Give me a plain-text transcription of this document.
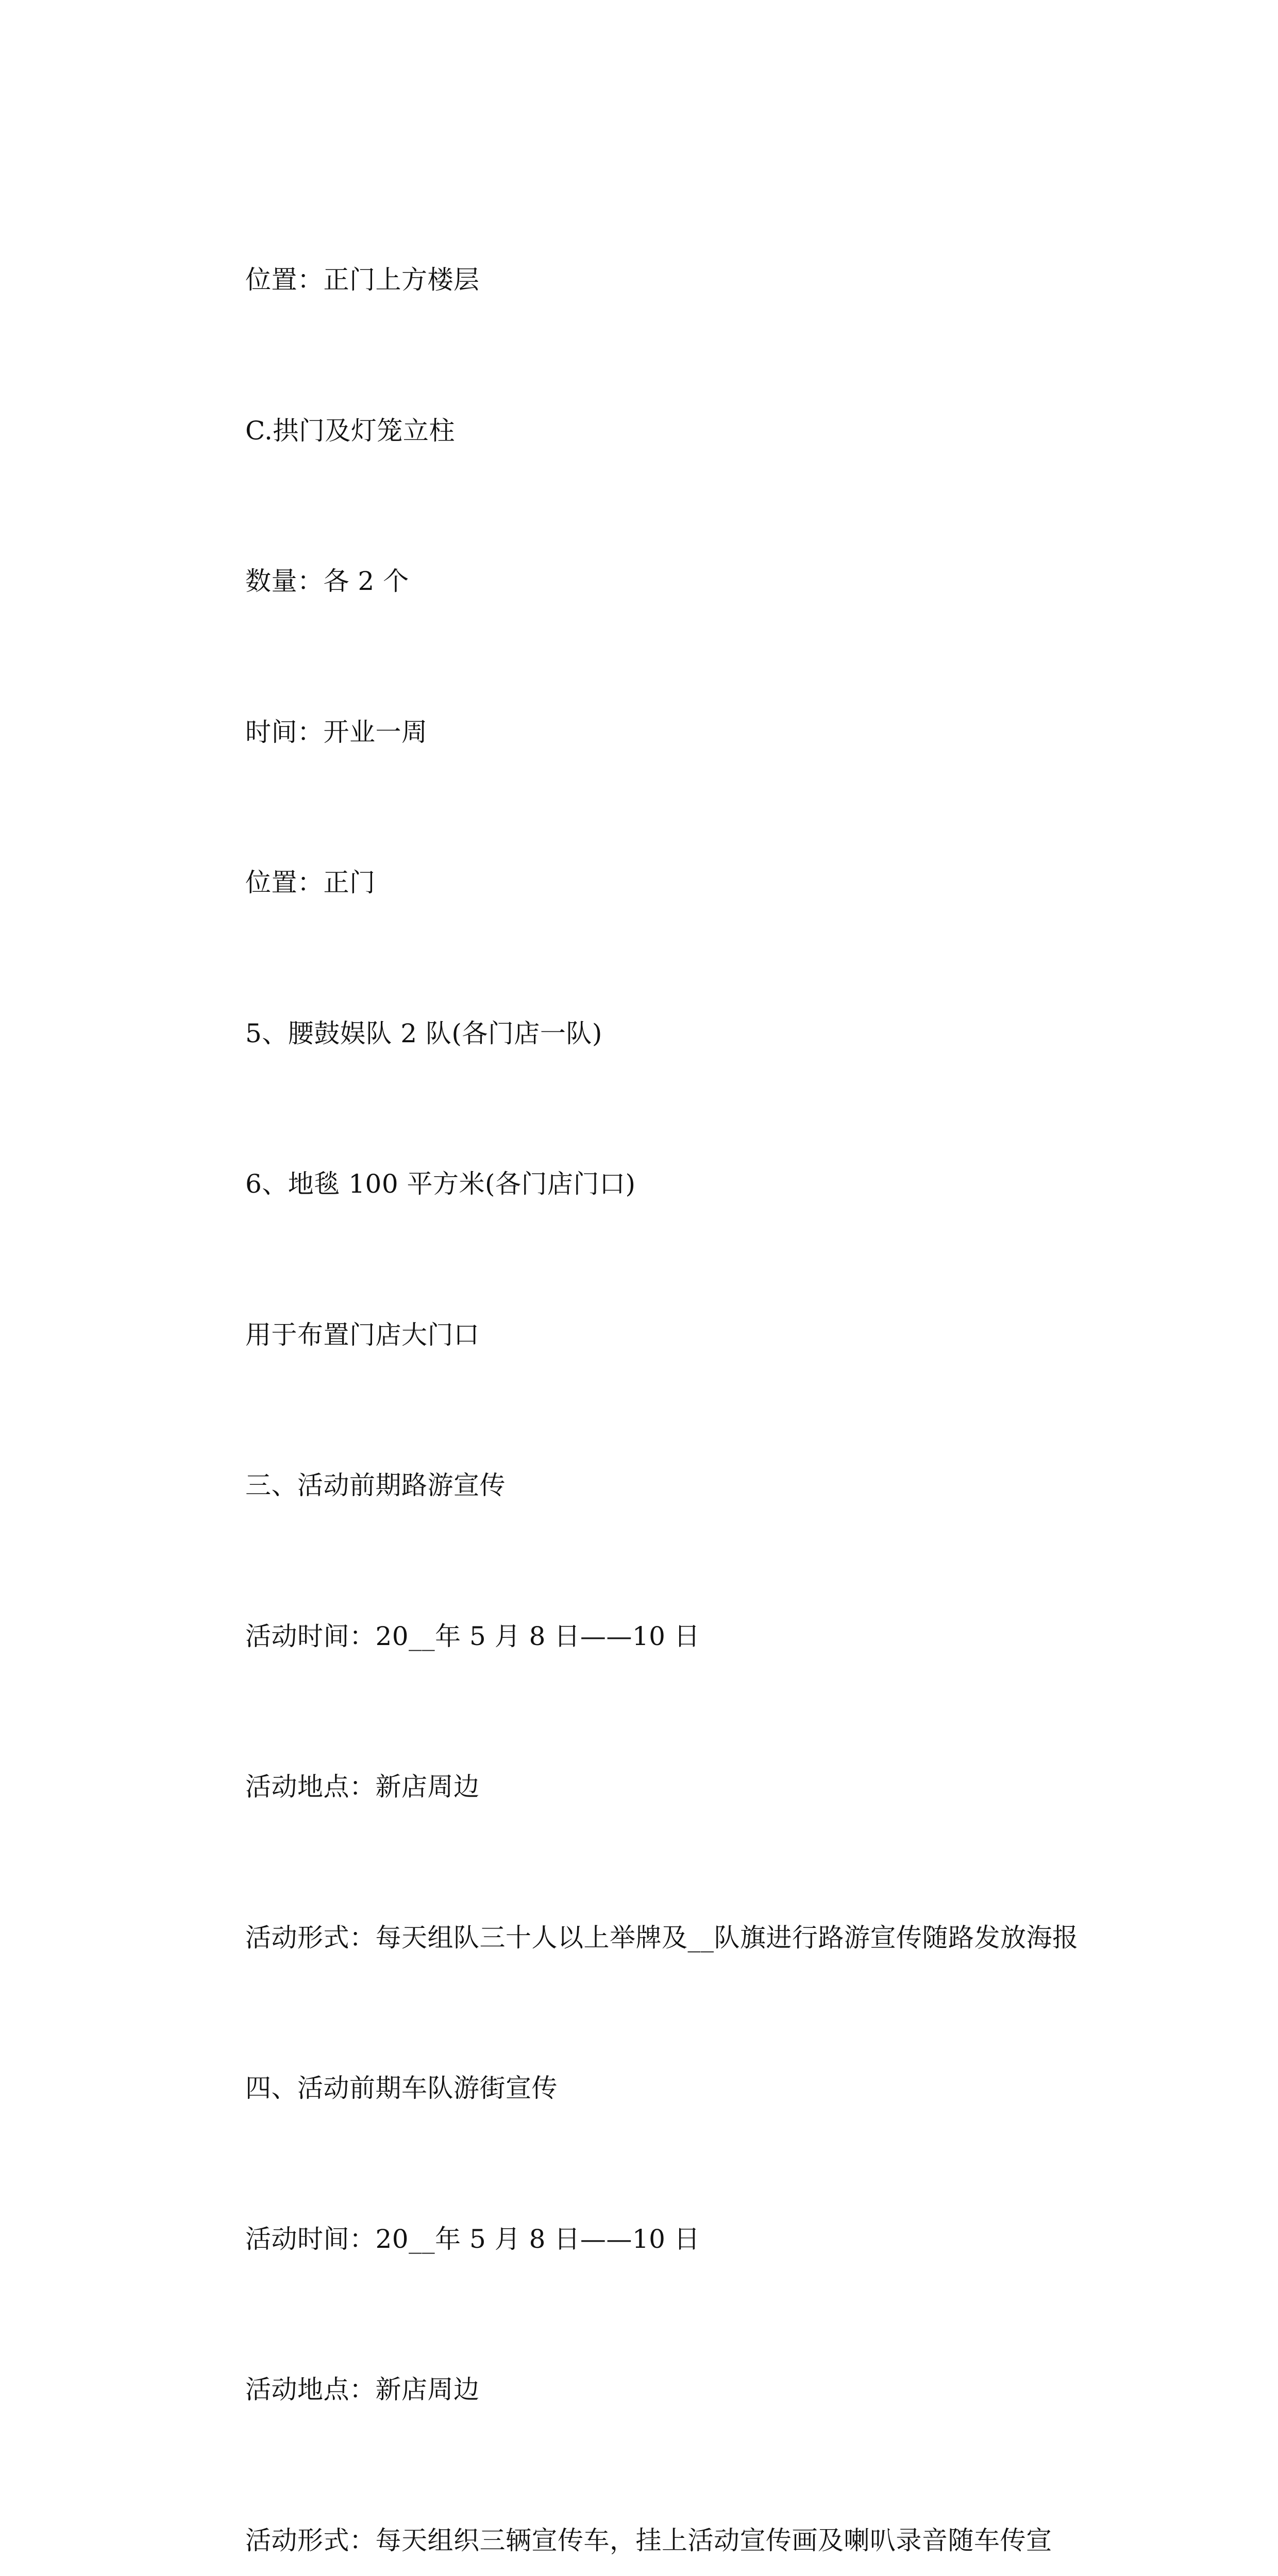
位置：正门上方楼层

C.拱门及灯笼立柱

数量：各 2 个

时间：开业一周

位置：正门

5、腰鼓娱队 2 队(各门店一队)

6、地毯 100 平方米(各门店门口)

用于布置门店大门口

三、活动前期路游宣传

活动时间：20__年 5 月 8 日——10 日

活动地点：新店周边

活动形式：每天组队三十人以上举牌及__队旗进行路游宣传随路发放海报

四、活动前期车队游街宣传

活动时间：20__年 5 月 8 日——10 日

活动地点：新店周边

活动形式：每天组织三辆宣传车，挂上活动宣传画及喇叭录音随车传宣
